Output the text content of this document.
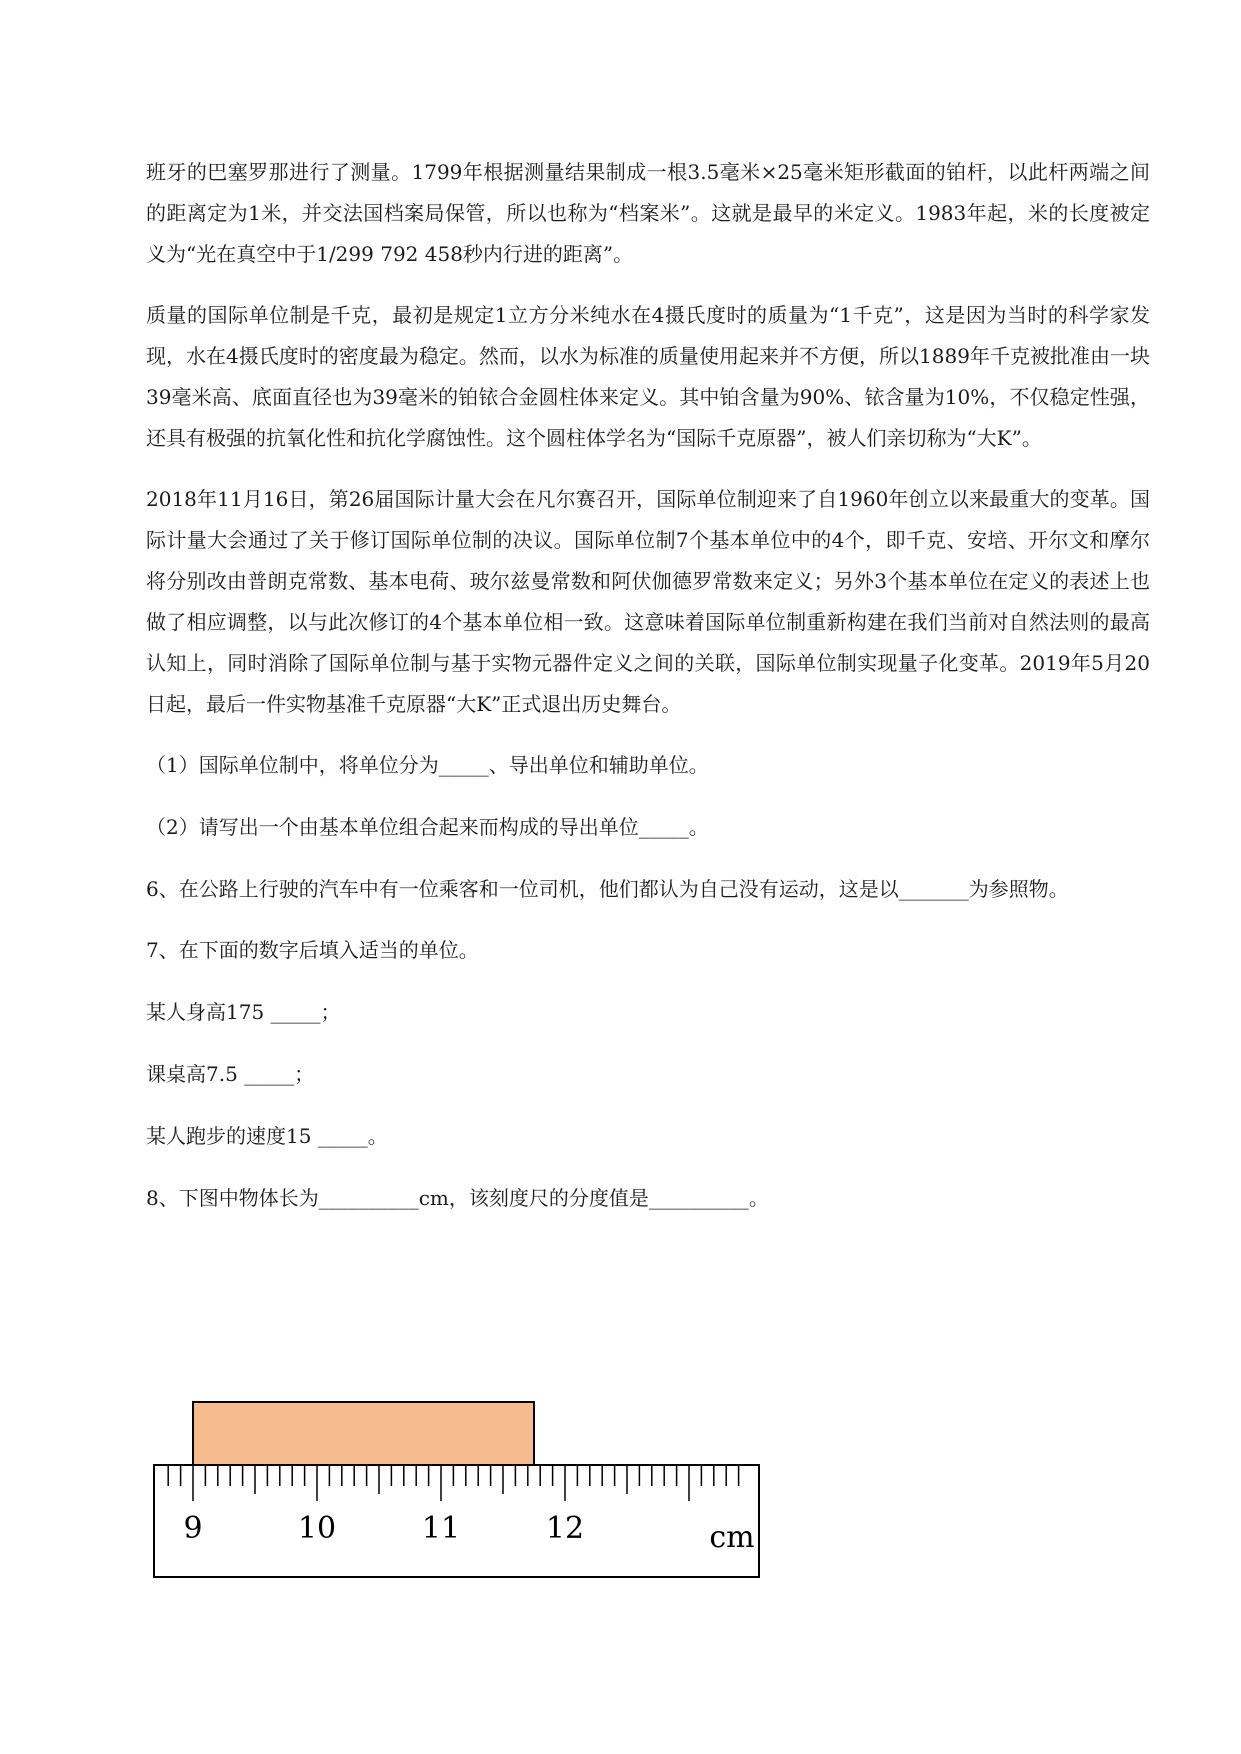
班牙的巴塞罗那进行了测量。1799年根据测量结果制成一根3.5毫米×25毫米矩形截面的铂杆，以此杆两端之间的距离定为1米，并交法国档案局保管，所以也称为“档案米”。这就是最早的米定义。1983年起，米的长度被定义为“光在真空中于1/299 792 458秒内行进的距离”。

质量的国际单位制是千克，最初是规定1立方分米纯水在4摄氏度时的质量为“1千克”，这是因为当时的科学家发现，水在4摄氏度时的密度最为稳定。然而，以水为标准的质量使用起来并不方便，所以1889年千克被批准由一块39毫米高、底面直径也为39毫米的铂铱合金圆柱体来定义。其中铂含量为90%、铱含量为10%，不仅稳定性强，还具有极强的抗氧化性和抗化学腐蚀性。这个圆柱体学名为“国际千克原器”，被人们亲切称为“大K”。

2018年11月16日，第26届国际计量大会在凡尔赛召开，国际单位制迎来了自1960年创立以来最重大的变革。国际计量大会通过了关于修订国际单位制的决议。国际单位制7个基本单位中的4个，即千克、安培、开尔文和摩尔将分别改由普朗克常数、基本电荷、玻尔兹曼常数和阿伏伽德罗常数来定义；另外3个基本单位在定义的表述上也做了相应调整，以与此次修订的4个基本单位相一致。这意味着国际单位制重新构建在我们当前对自然法则的最高认知上，同时消除了国际单位制与基于实物元器件定义之间的关联，国际单位制实现量子化变革。2019年5月20日起，最后一件实物基准千克原器“大K”正式退出历史舞台。

（1）国际单位制中，将单位分为_____、导出单位和辅助单位。
（2）请写出一个由基本单位组合起来而构成的导出单位_____。

6、在公路上行驶的汽车中有一位乘客和一位司机，他们都认为自己没有运动，这是以_______为参照物。

7、在下面的数字后填入适当的单位。
某人身高175 _____；
课桌高7.5 _____；
某人跑步的速度15 _____。
8、下图中物体长为__________cm，该刻度尺的分度值是__________。
9	10	11	12	cm
